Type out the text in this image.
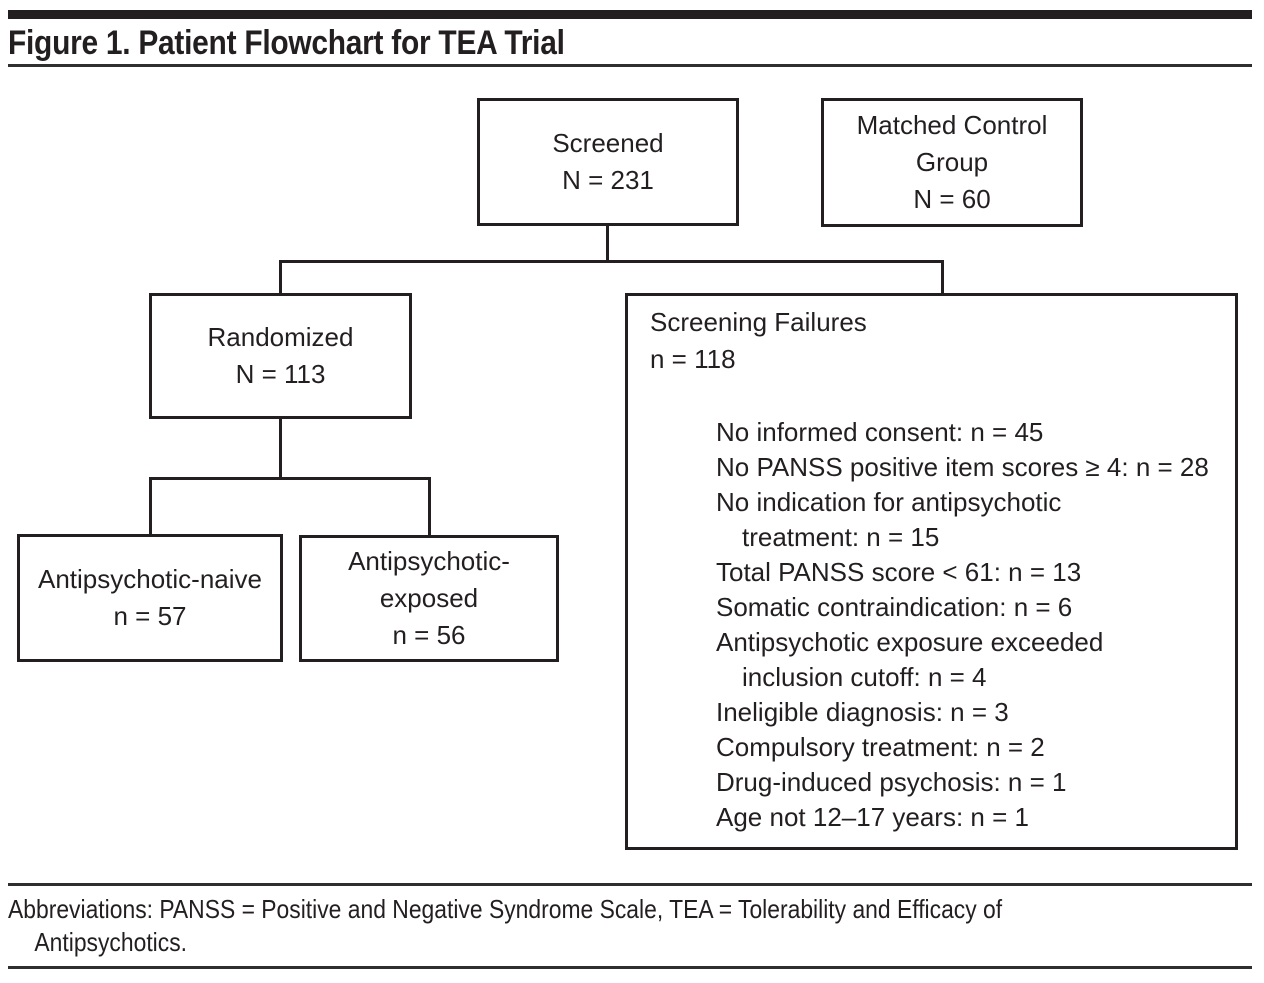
Figure 1. Patient Flowchart for TEA Trial
Screened
N = 231
Matched Control
Group
N = 60
Randomized
N = 113
Antipsychotic-naive
n = 57
Antipsychotic-
exposed
n = 56
Screening Failures
n = 118
No informed consent: n = 45
No PANSS positive item scores ≥ 4: n = 28
No indication for antipsychotic
treatment: n = 15
Total PANSS score < 61: n = 13
Somatic contraindication: n = 6
Antipsychotic exposure exceeded
inclusion cutoff: n = 4
Ineligible diagnosis: n = 3
Compulsory treatment: n = 2
Drug-induced psychosis: n = 1
Age not 12–17 years: n = 1
Abbreviations: PANSS = Positive and Negative Syndrome Scale, TEA = Tolerability and Efficacy of
Antipsychotics.
